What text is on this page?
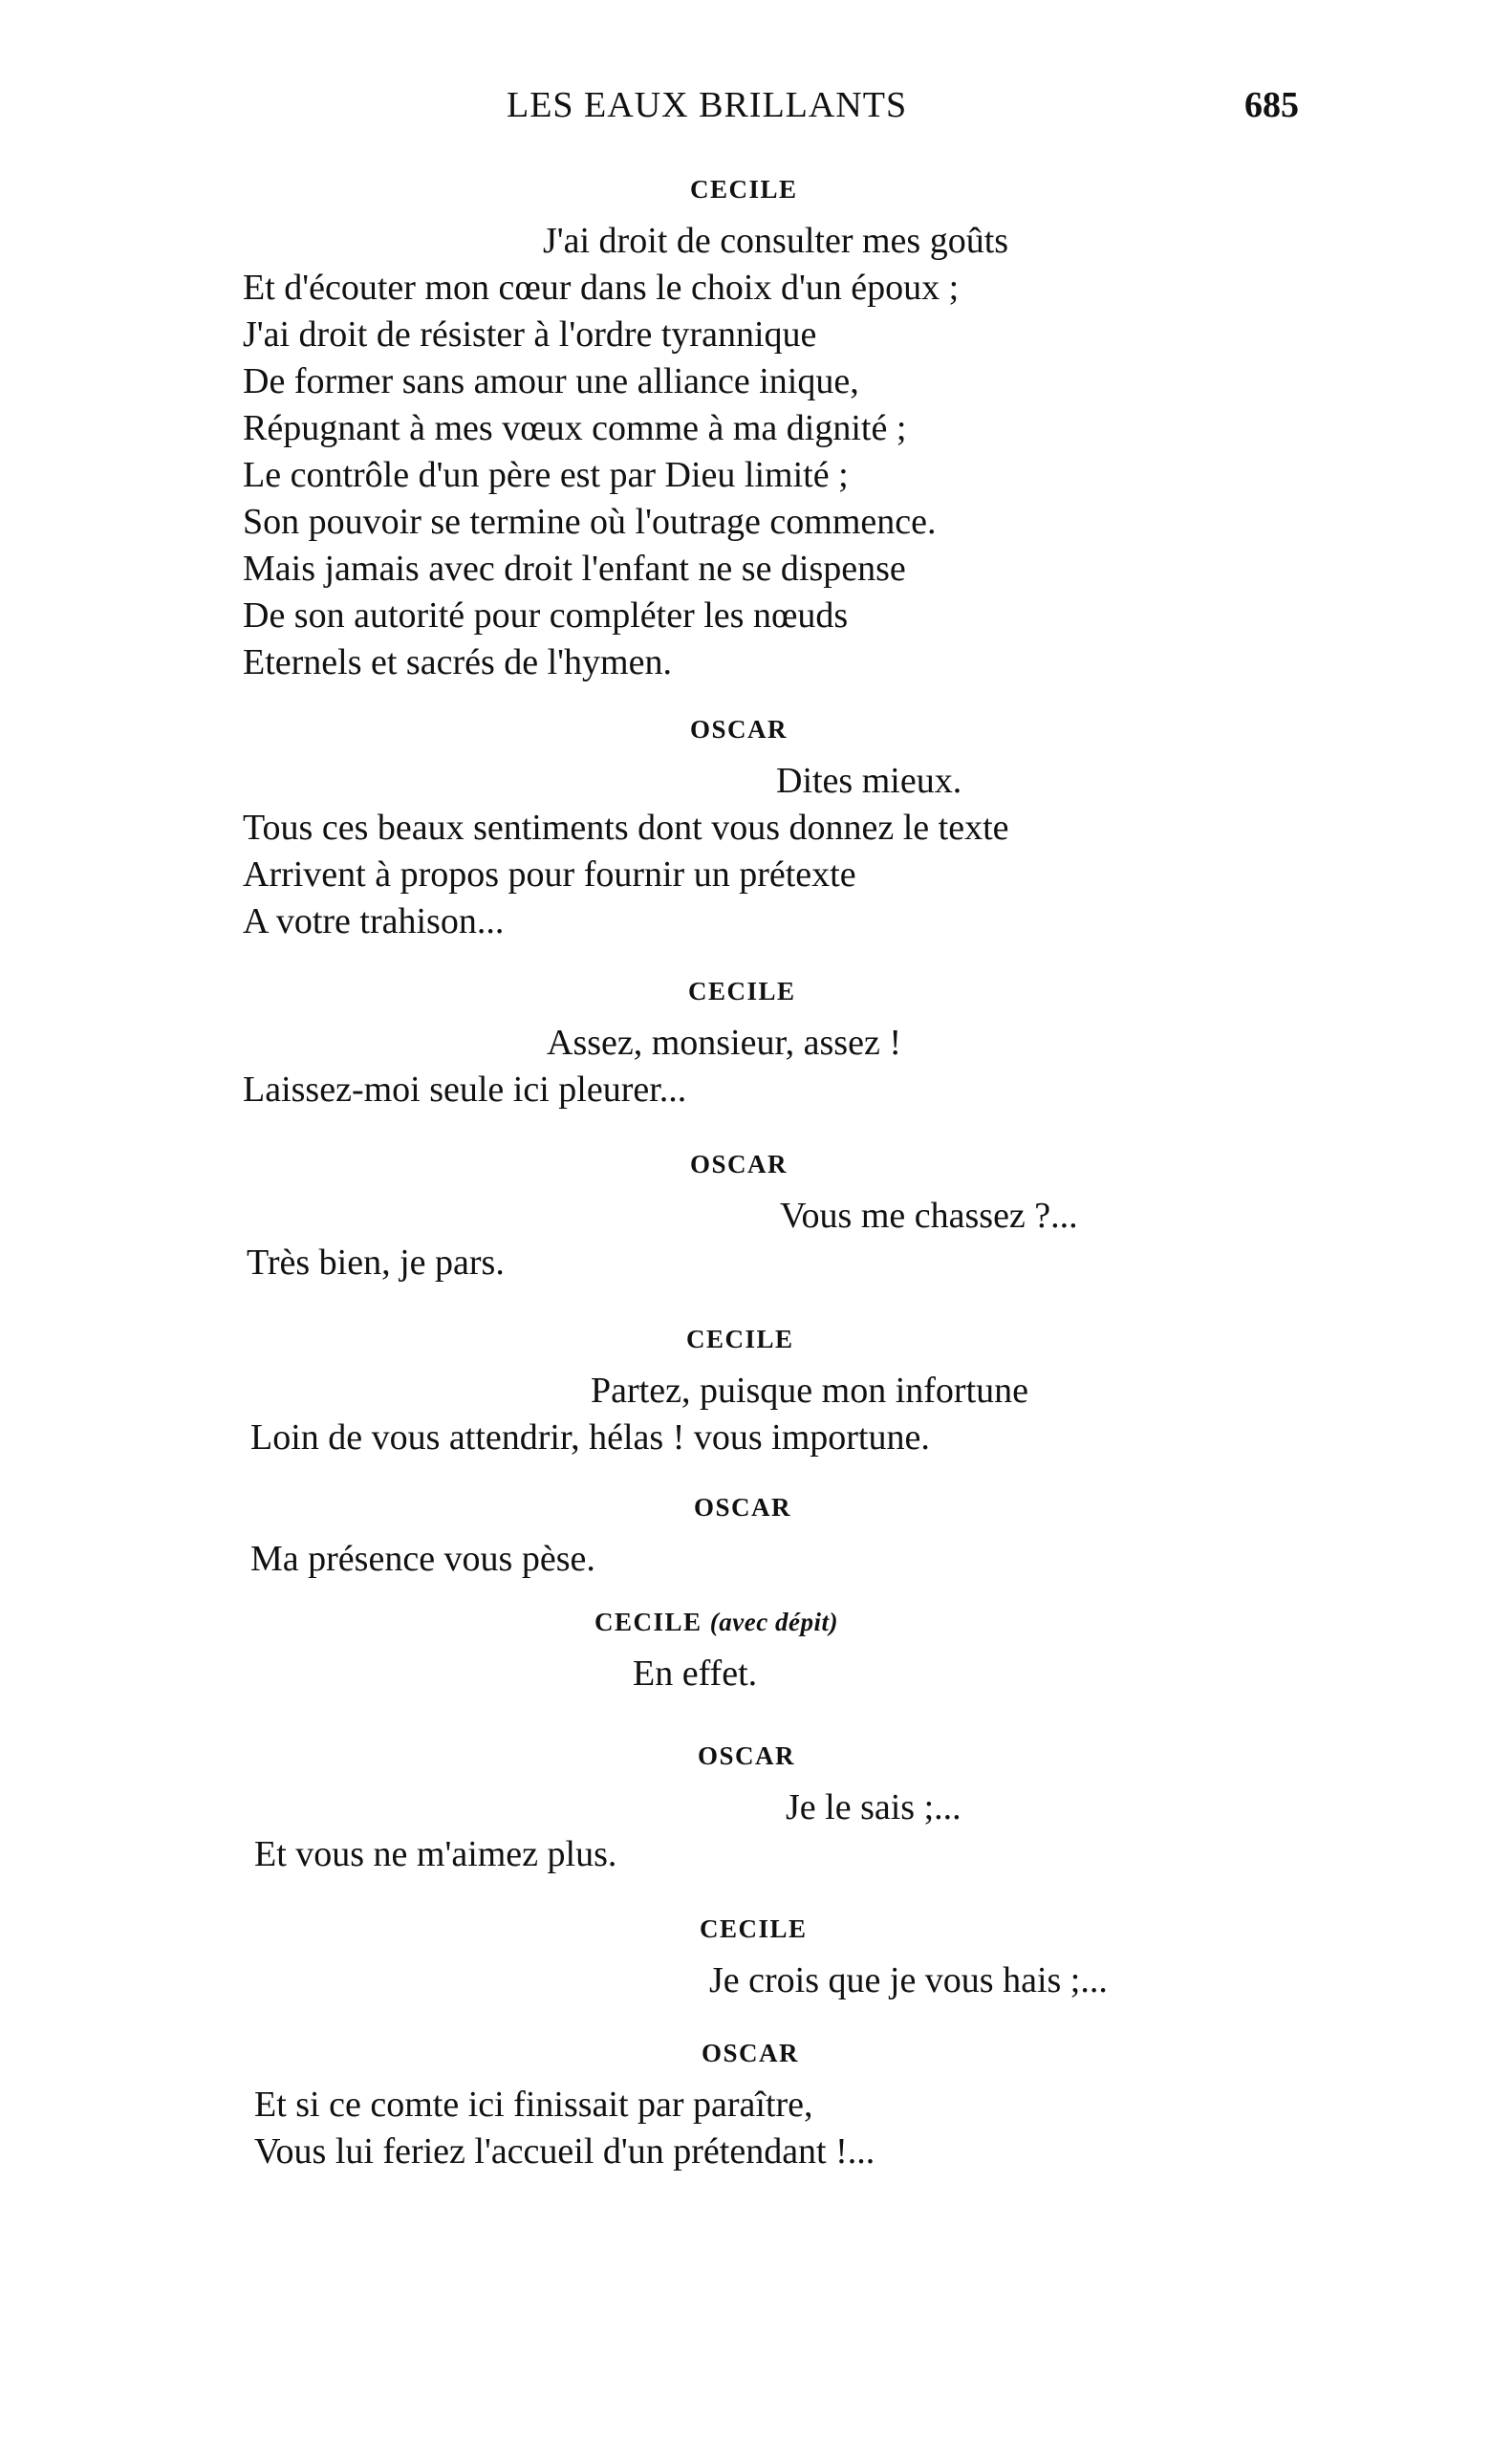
LES EAUX BRILLANTS	685
CECILE
J'ai droit de consulter mes goûts
Et d'écouter mon cœur dans le choix d'un époux ;
J'ai droit de résister à l'ordre tyrannique
De former sans amour une alliance inique,
Répugnant à mes vœux comme à ma dignité ;
Le contrôle d'un père est par Dieu limité ;
Son pouvoir se termine où l'outrage commence.
Mais jamais avec droit l'enfant ne se dispense
De son autorité pour compléter les nœuds
Eternels et sacrés de l'hymen.
OSCAR
Dites mieux.
Tous ces beaux sentiments dont vous donnez le texte
Arrivent à propos pour fournir un prétexte
A votre trahison...
CECILE
Assez, monsieur, assez !
Laissez-moi seule ici pleurer...
OSCAR
Vous me chassez ?...
Très bien, je pars.
CECILE
Partez, puisque mon infortune
Loin de vous attendrir, hélas ! vous importune.
OSCAR
Ma présence vous pèse.
CECILE (avec dépit)
En effet.
OSCAR
Je le sais ;...
Et vous ne m'aimez plus.
CECILE
Je crois que je vous hais ;...
OSCAR
Et si ce comte ici finissait par paraître,
Vous lui feriez l'accueil d'un prétendant !...
